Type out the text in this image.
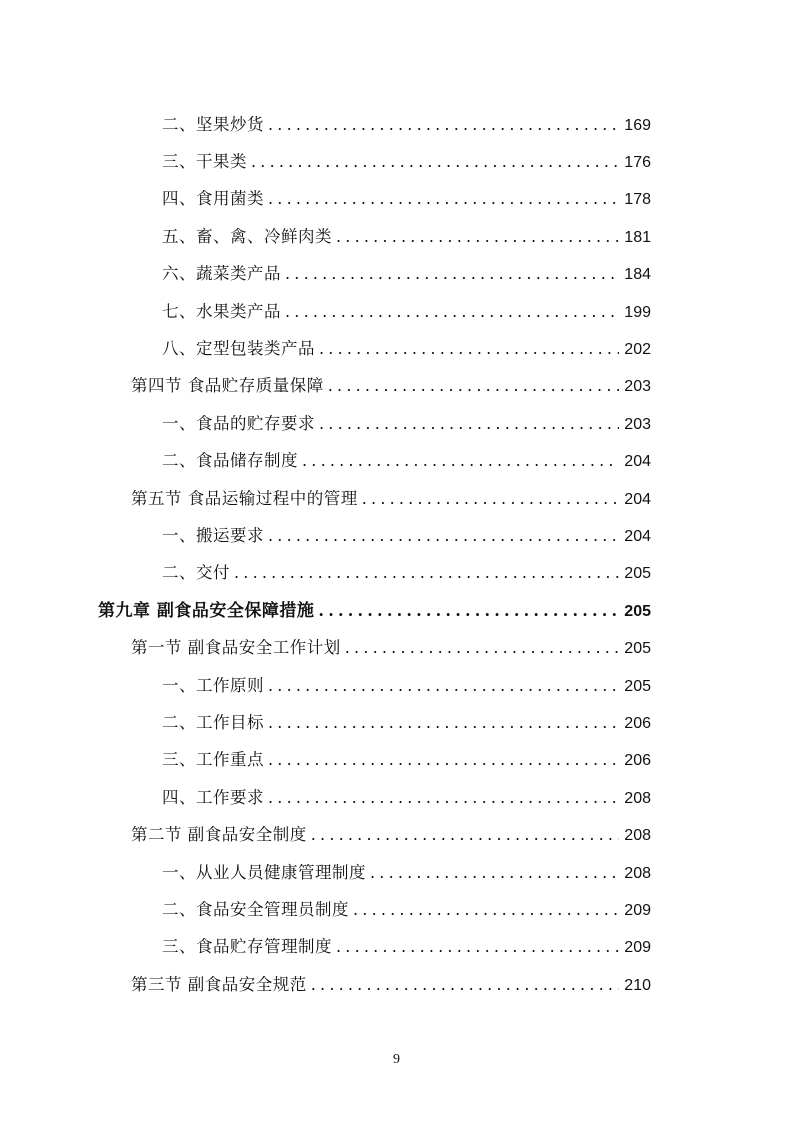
二、坚果炒货 .....	169
三、干果类 .....	176
四、食用菌类 .....	178
五、畜、禽、冷鲜肉类 .....	181
六、蔬菜类产品 .....	184
七、水果类产品 .....	199
八、定型包装类产品 .....	202
第四节 食品贮存质量保障 .....	203
一、食品的贮存要求 .....	203
二、食品储存制度 .....	204
第五节 食品运输过程中的管理 .....	204
一、搬运要求 .....	204
二、交付 .....	205
第九章 副食品安全保障措施 .....	205
第一节 副食品安全工作计划 .....	205
一、工作原则 .....	205
二、工作目标 .....	206
三、工作重点 .....	206
四、工作要求 .....	208
第二节 副食品安全制度 .....	208
一、从业人员健康管理制度 .....	208
二、食品安全管理员制度 .....	209
三、食品贮存管理制度 .....	209
第三节 副食品安全规范 .....	210
9
